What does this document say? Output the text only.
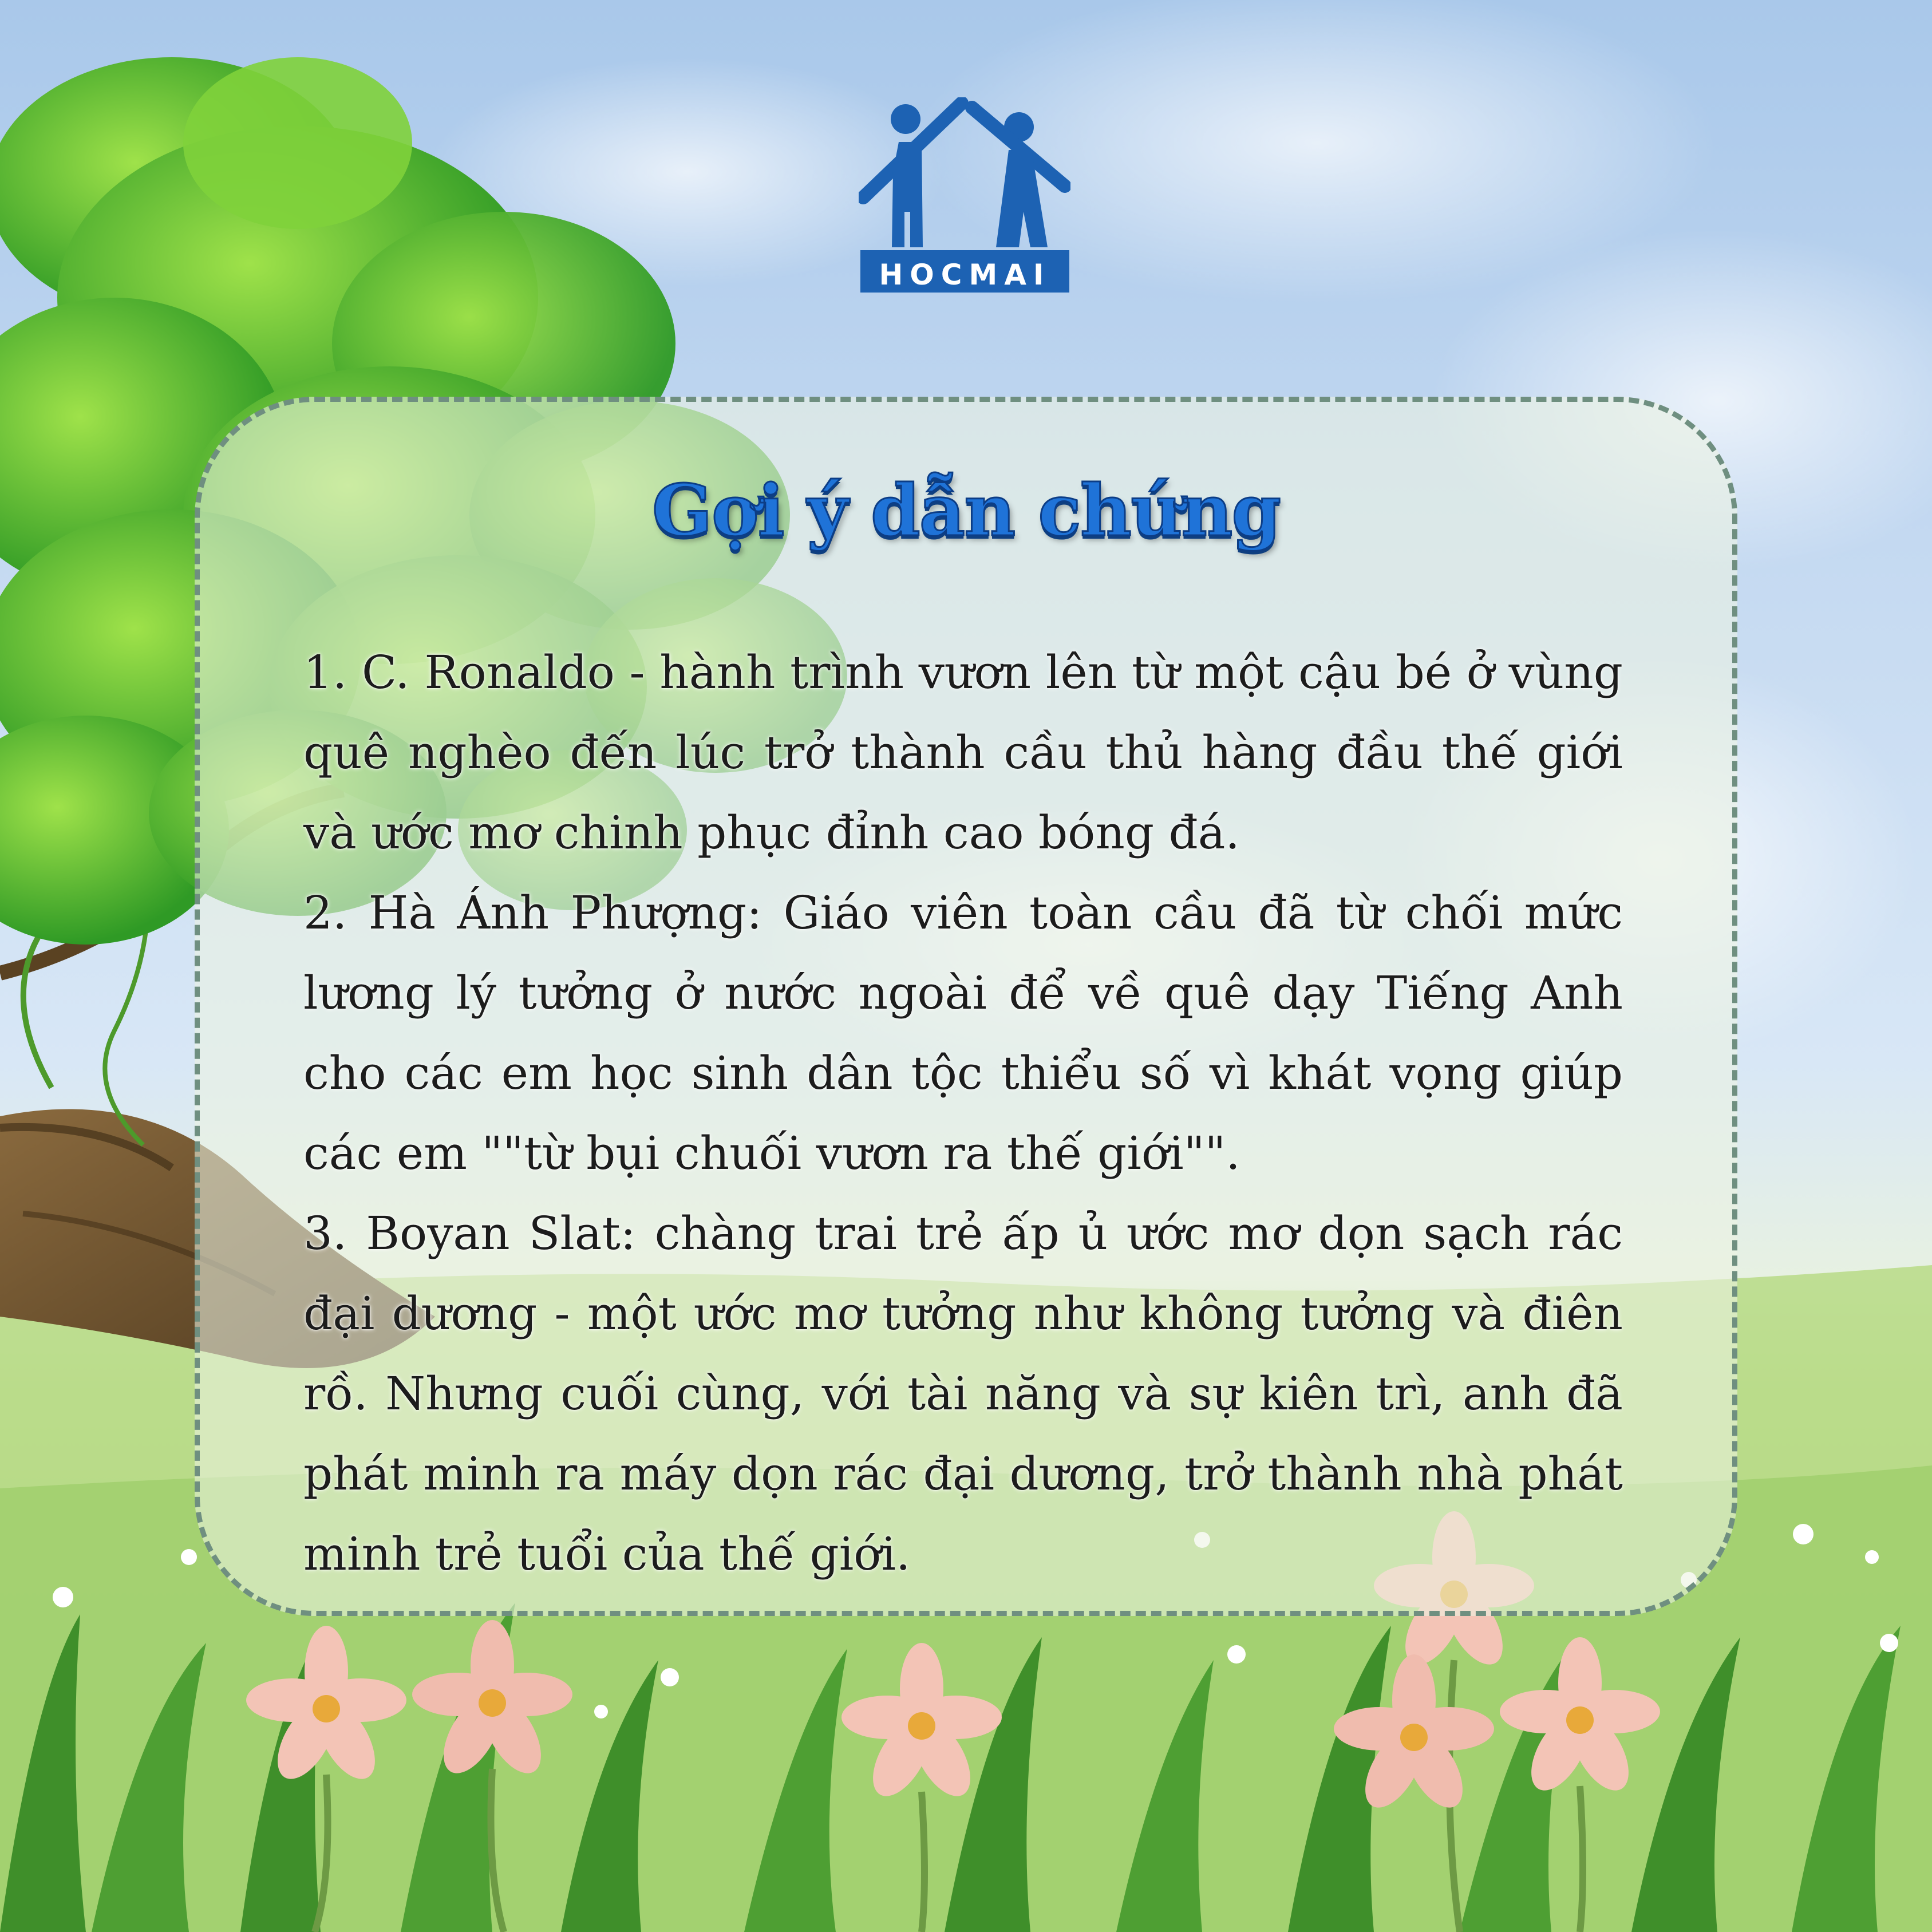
HOCMAI
Gợi ý dẫn chứng

1. C. Ronaldo - hành trình vươn lên từ một cậu bé ở vùng quê nghèo đến lúc trở thành cầu thủ hàng đầu thế giới và ước mơ chinh phục đỉnh cao bóng đá.

2. Hà Ánh Phượng: Giáo viên toàn cầu đã từ chối mức lương lý tưởng ở nước ngoài để về quê dạy Tiếng Anh cho các em học sinh dân tộc thiểu số vì khát vọng giúp các em ""từ bụi chuối vươn ra thế giới"".

3. Boyan Slat: chàng trai trẻ ấp ủ ước mơ dọn sạch rác đại dương - một ước mơ tưởng như không tưởng và điên rồ. Nhưng cuối cùng, với tài năng và sự kiên trì, anh đã phát minh ra máy dọn rác đại dương, trở thành nhà phát minh trẻ tuổi của thế giới.
